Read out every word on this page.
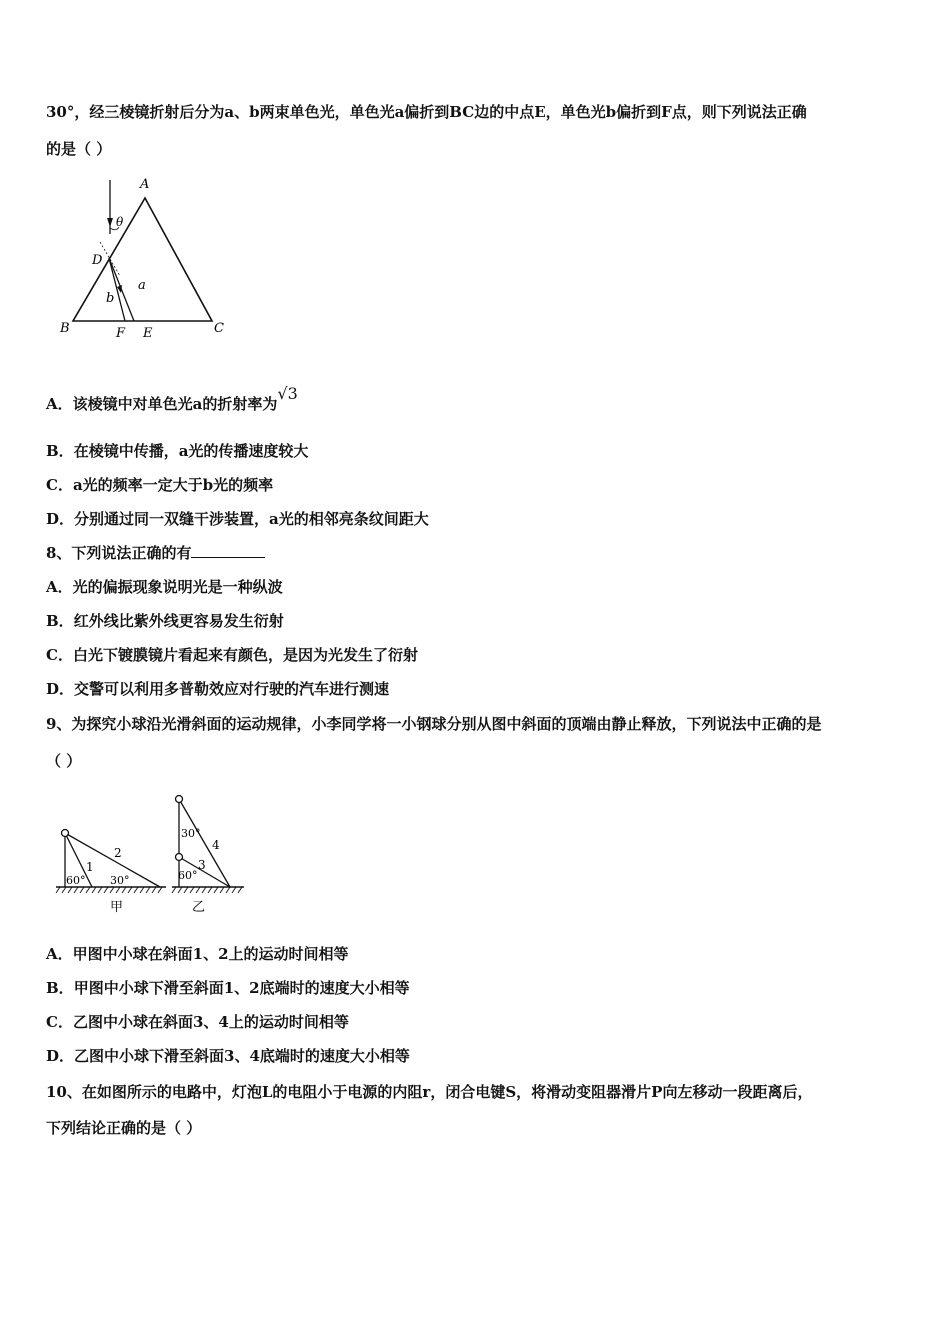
30°，经三棱镜折射后分为a、b两束单色光，单色光a偏折到BC边的中点E，单色光b偏折到F点，则下列说法正确
的是（ ）
A
θ
D
a
b
B	F E	C
A．该棱镜中对单色光a的折射率为√3
B．在棱镜中传播，a光的传播速度较大
C．a光的频率一定大于b光的频率
D．分别通过同一双缝干涉装置，a光的相邻亮条纹间距大
8、下列说法正确的有
A．光的偏振现象说明光是一种纵波
B．红外线比紫外线更容易发生衍射
C．白光下镀膜镜片看起来有颜色，是因为光发生了衍射
D．交警可以利用多普勒效应对行驶的汽车进行测速
9、为探究小球沿光滑斜面的运动规律，小李同学将一小钢球分别从图中斜面的顶端由静止释放，下列说法中正确的是
（ ）
1
2
60° 30°
甲
30°
4
3
60°
乙
A．甲图中小球在斜面1、2上的运动时间相等
B．甲图中小球下滑至斜面1、2底端时的速度大小相等
C．乙图中小球在斜面3、4上的运动时间相等
D．乙图中小球下滑至斜面3、4底端时的速度大小相等
10、在如图所示的电路中，灯泡L的电阻小于电源的内阻r，闭合电键S，将滑动变阻器滑片P向左移动一段距离后，
下列结论正确的是（ ）
